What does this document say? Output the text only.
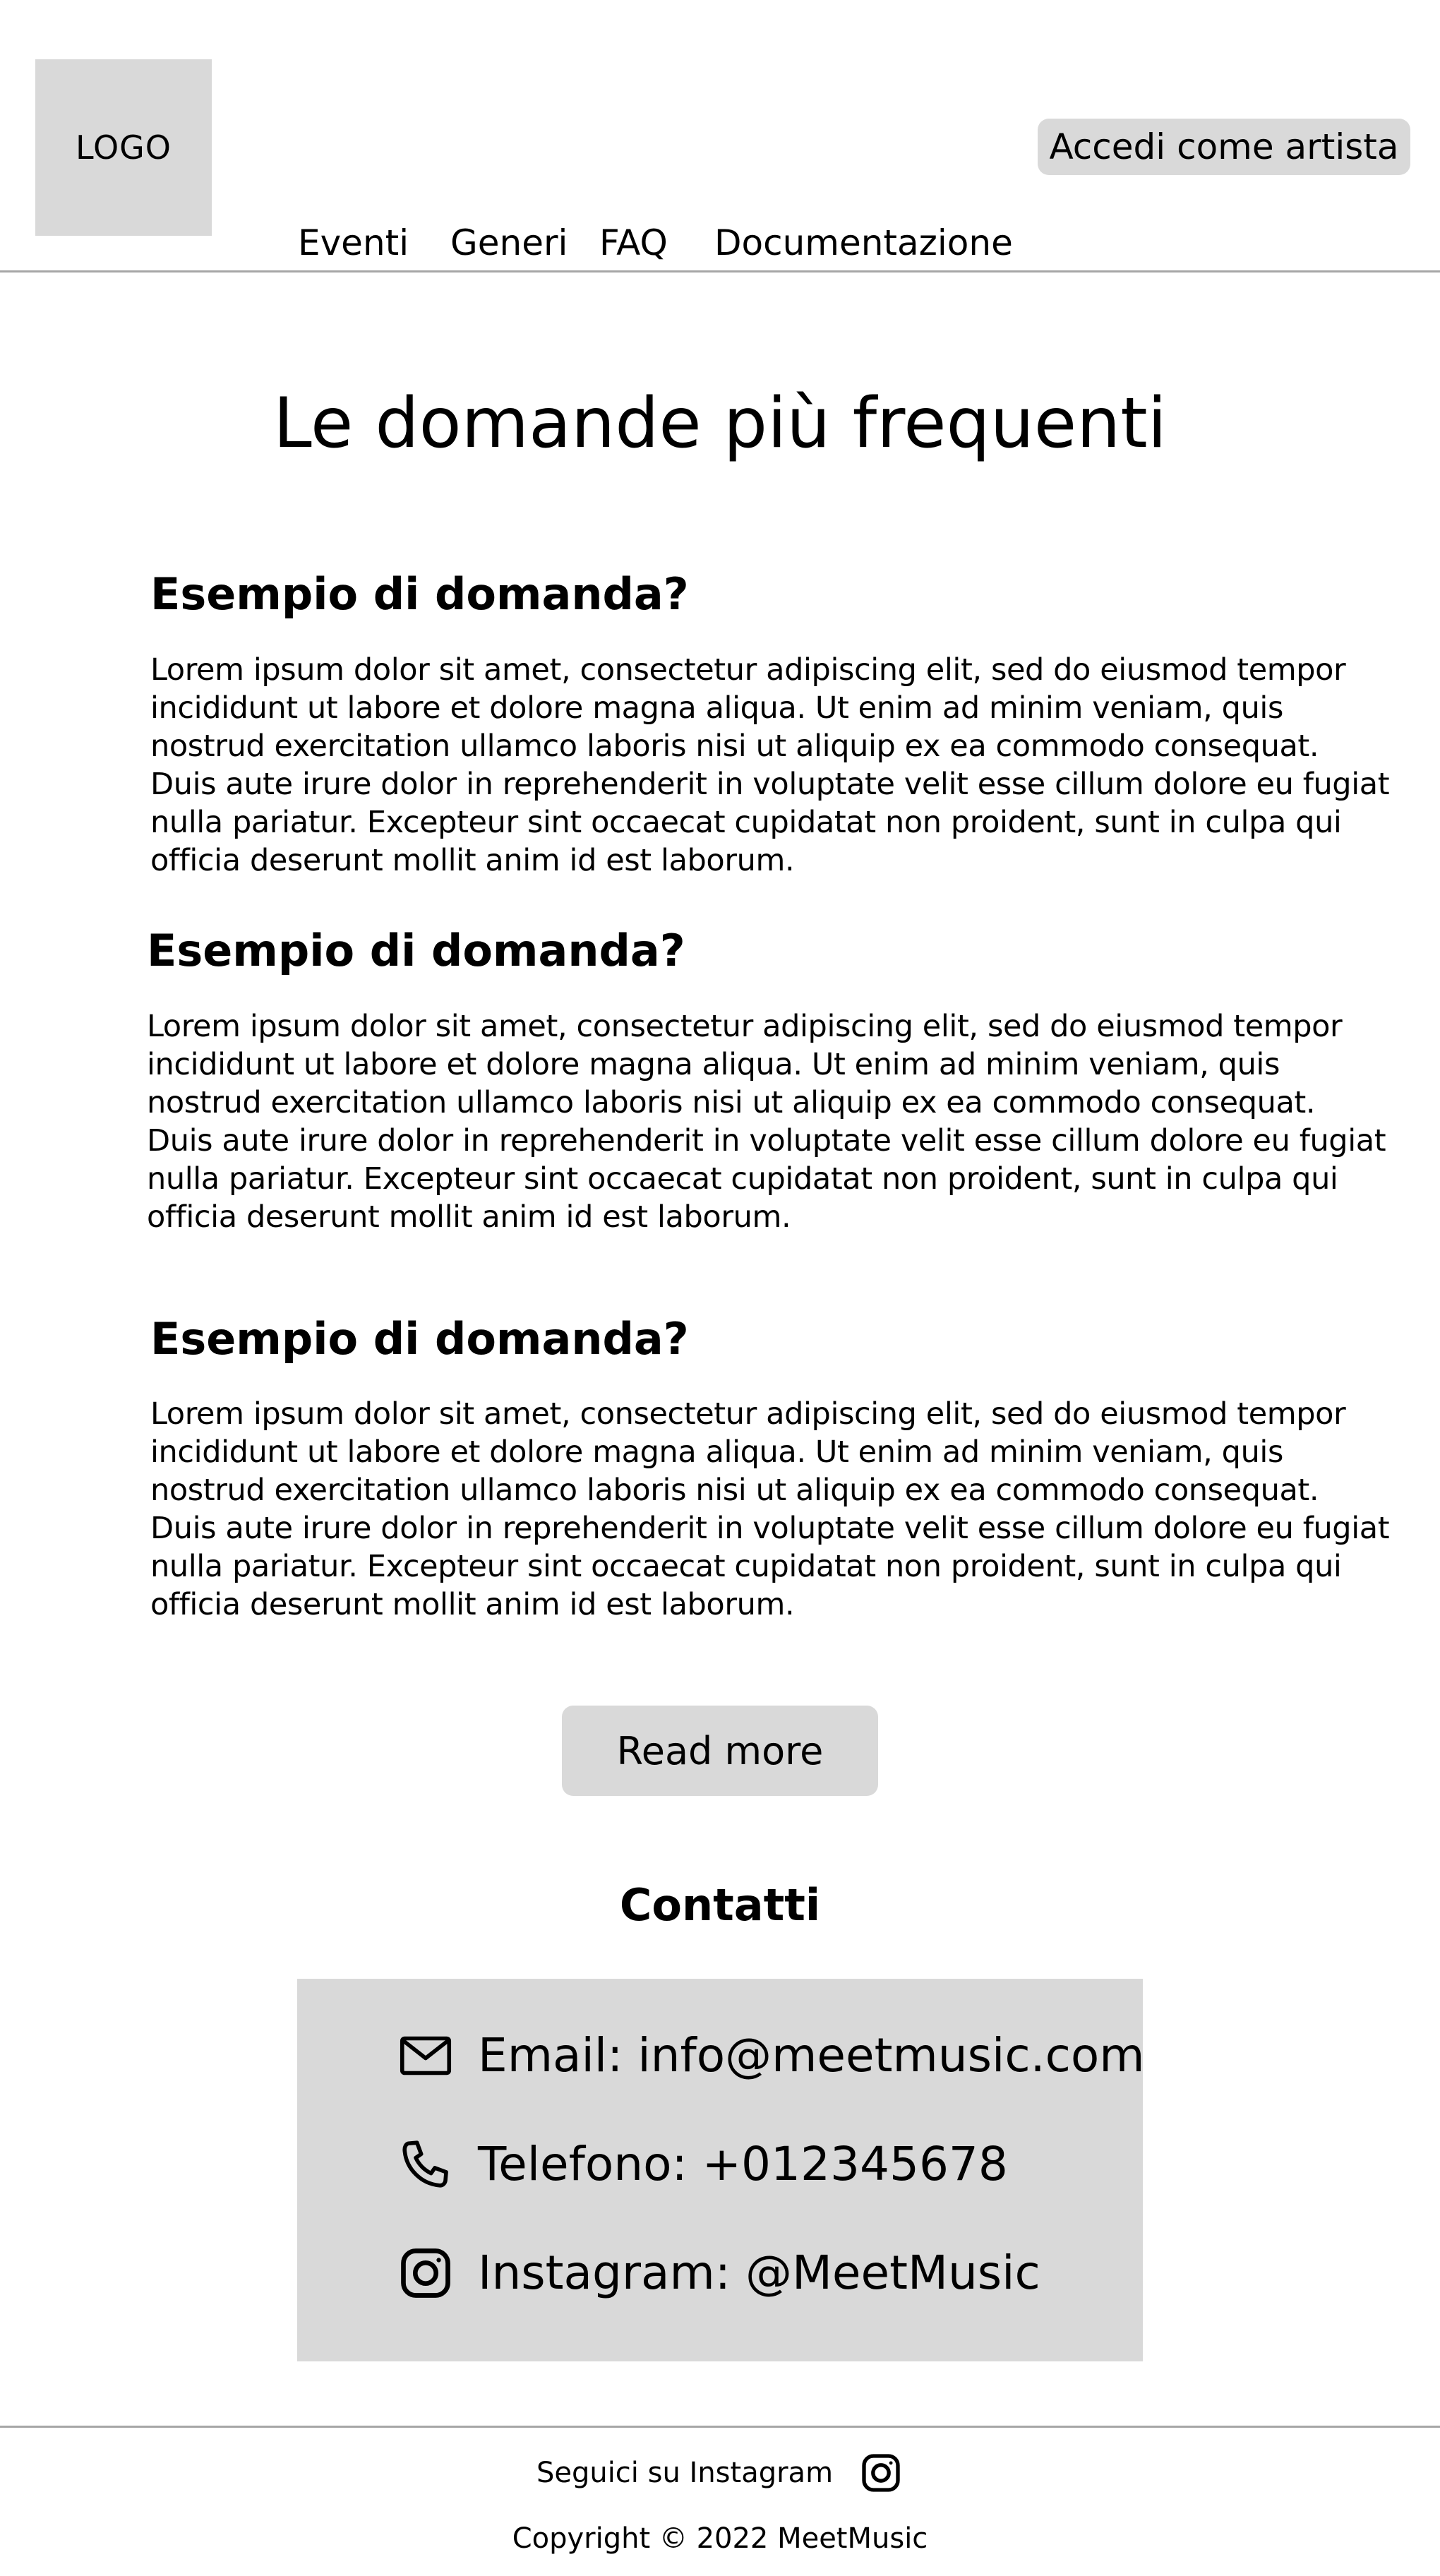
LOGO	Accedi come artista
Eventi Generi FAQ Documentazione
Le domande più frequenti
Esempio di domanda?
Lorem ipsum dolor sit amet, consectetur adipiscing elit, sed do eiusmod tempor incididunt ut labore et dolore magna aliqua. Ut enim ad minim veniam, quis nostrud exercitation ullamco laboris nisi ut aliquip ex ea commodo consequat. Duis aute irure dolor in reprehenderit in voluptate velit esse cillum dolore eu fugiat nulla pariatur. Excepteur sint occaecat cupidatat non proident, sunt in culpa qui officia deserunt mollit anim id est laborum.
Esempio di domanda?
Lorem ipsum dolor sit amet, consectetur adipiscing elit, sed do eiusmod tempor incididunt ut labore et dolore magna aliqua. Ut enim ad minim veniam, quis nostrud exercitation ullamco laboris nisi ut aliquip ex ea commodo consequat. Duis aute irure dolor in reprehenderit in voluptate velit esse cillum dolore eu fugiat nulla pariatur. Excepteur sint occaecat cupidatat non proident, sunt in culpa qui officia deserunt mollit anim id est laborum.
Esempio di domanda?
Lorem ipsum dolor sit amet, consectetur adipiscing elit, sed do eiusmod tempor incididunt ut labore et dolore magna aliqua. Ut enim ad minim veniam, quis nostrud exercitation ullamco laboris nisi ut aliquip ex ea commodo consequat. Duis aute irure dolor in reprehenderit in voluptate velit esse cillum dolore eu fugiat nulla pariatur. Excepteur sint occaecat cupidatat non proident, sunt in culpa qui officia deserunt mollit anim id est laborum.
Read more
Contatti
Email: info@meetmusic.com
Telefono: +012345678
Instagram: @MeetMusic
Seguici su Instagram
Copyright © 2022 MeetMusic
